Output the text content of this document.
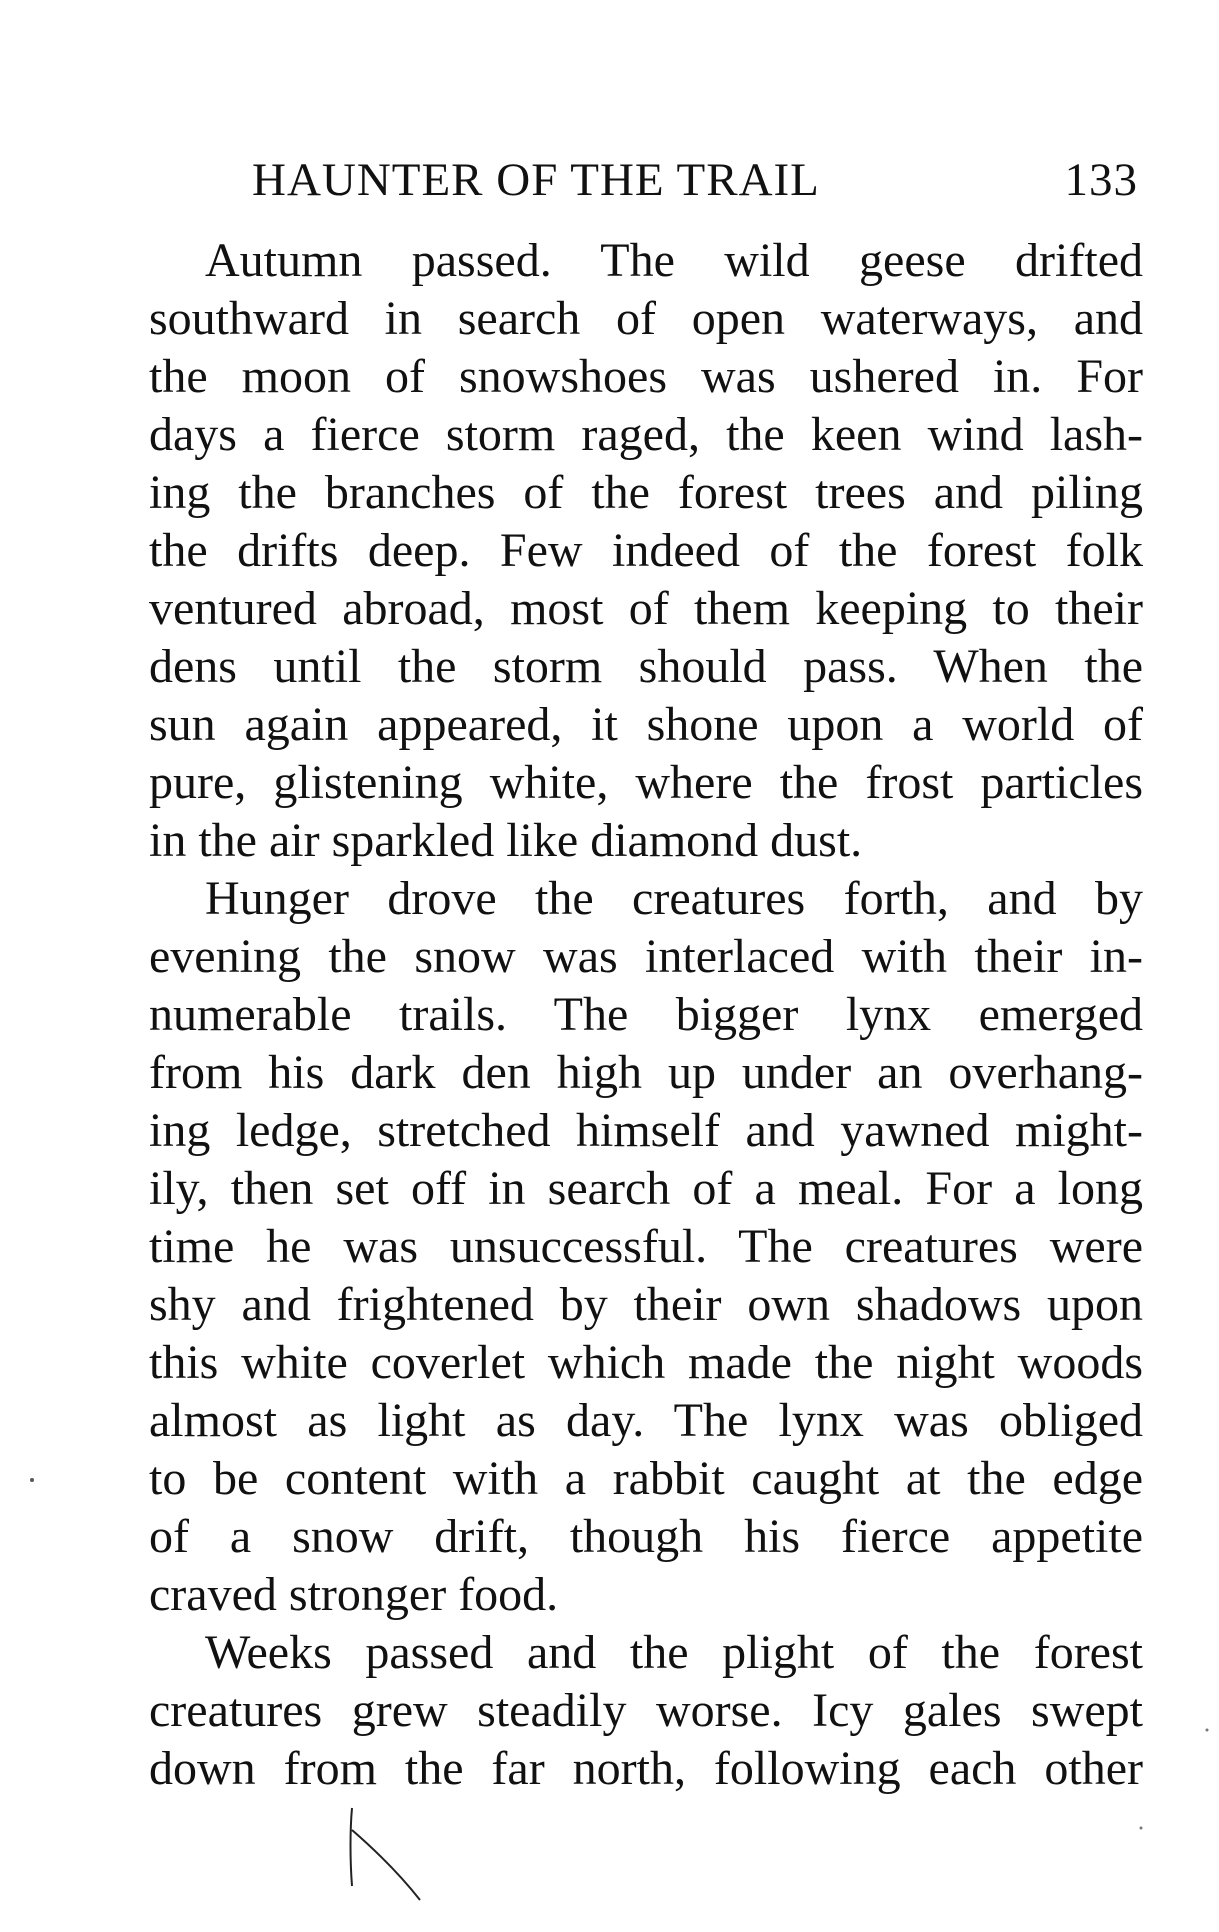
HAUNTER OF THE TRAIL	133
Autumn passed. The wild geese drifted
southward in search of open waterways, and
the moon of snowshoes was ushered in. For
days a fierce storm raged, the keen wind lash-
ing the branches of the forest trees and piling
the drifts deep. Few indeed of the forest folk
ventured abroad, most of them keeping to their
dens until the storm should pass. When the
sun again appeared, it shone upon a world of
pure, glistening white, where the frost particles
in the air sparkled like diamond dust.
Hunger drove the creatures forth, and by
evening the snow was interlaced with their in-
numerable trails. The bigger lynx emerged
from his dark den high up under an overhang-
ing ledge, stretched himself and yawned might-
ily, then set off in search of a meal. For a long
time he was unsuccessful. The creatures were
shy and frightened by their own shadows upon
this white coverlet which made the night woods
almost as light as day. The lynx was obliged
to be content with a rabbit caught at the edge
of a snow drift, though his fierce appetite
craved stronger food.
Weeks passed and the plight of the forest
creatures grew steadily worse. Icy gales swept
down from the far north, following each other
